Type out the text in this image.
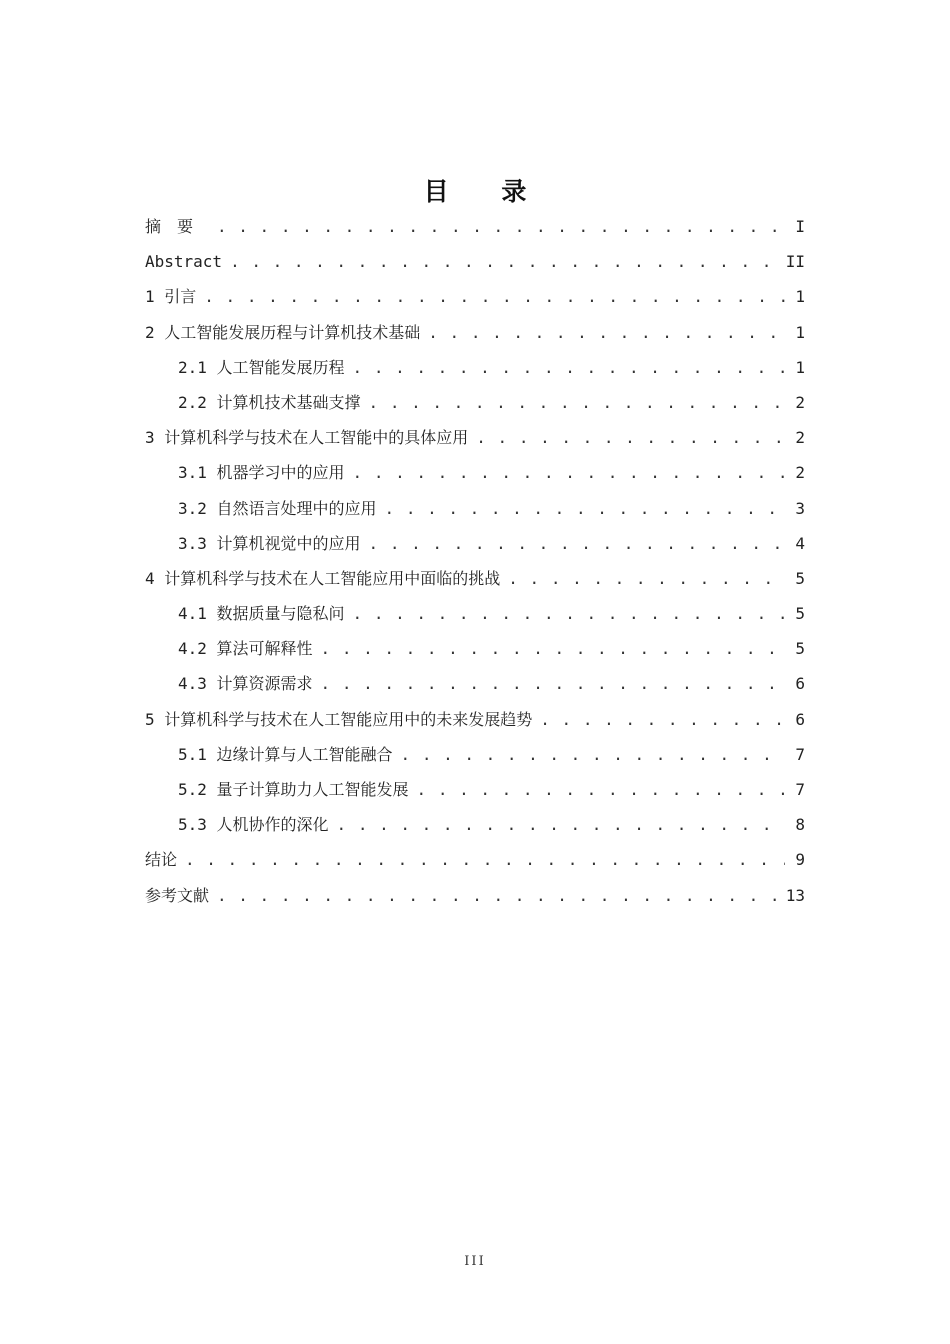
目 录
摘要 . . .	I
Abstract . . .	II
1 引言 . . .	1
2 人工智能发展历程与计算机技术基础 . . .	1
2.1 人工智能发展历程 . . .	1
2.2 计算机技术基础支撑 . . .	2
3 计算机科学与技术在人工智能中的具体应用 . . .	2
3.1 机器学习中的应用 . . .	2
3.2 自然语言处理中的应用 . . .	3
3.3 计算机视觉中的应用 . . .	4
4 计算机科学与技术在人工智能应用中面临的挑战 . . .	5
4.1 数据质量与隐私问 . . .	5
4.2 算法可解释性 . . .	5
4.3 计算资源需求 . . .	6
5 计算机科学与技术在人工智能应用中的未来发展趋势 . . .	6
5.1 边缘计算与人工智能融合 . . .	7
5.2 量子计算助力人工智能发展 . . .	7
5.3 人机协作的深化 . . .	8
结论 . . .	9
参考文献 . . .	13
III
